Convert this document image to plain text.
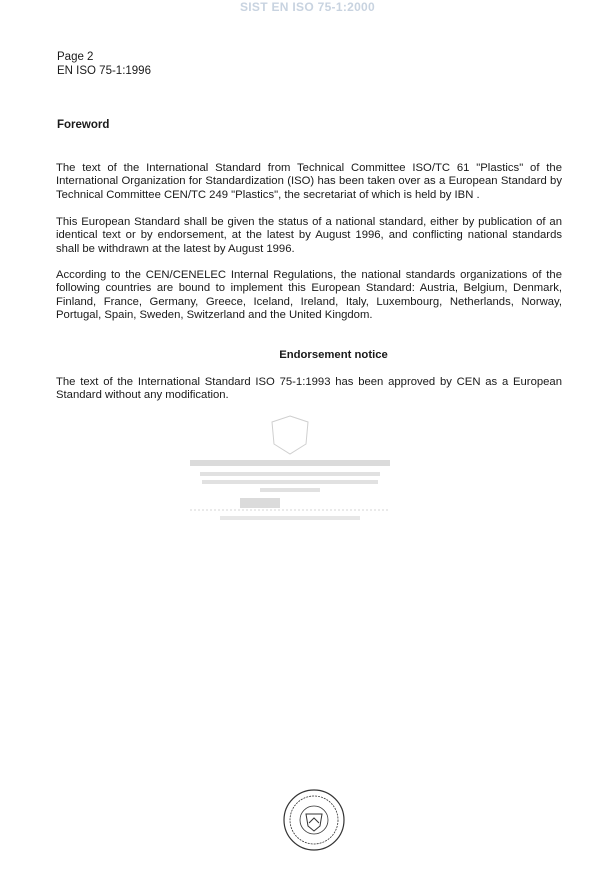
SIST EN ISO 75-1:2000
Page 2
EN ISO 75-1:1996
Foreword
The text of the International Standard from Technical Committee ISO/TC 61 "Plastics" of the International Organization for Standardization (ISO) has been taken over as a European Standard by Technical Committee CEN/TC 249 "Plastics", the secretariat of which is held by IBN .
This European Standard shall be given the status of a national standard, either by publication of an identical text or by endorsement, at the latest by August 1996, and conflicting national standards shall be withdrawn at the latest by August 1996.
According to the CEN/CENELEC Internal Regulations, the national standards organizations of the following countries are bound to implement this European Standard: Austria, Belgium, Denmark, Finland, France, Germany, Greece, Iceland, Ireland, Italy, Luxembourg, Netherlands, Norway, Portugal, Spain, Sweden, Switzerland and the United Kingdom.
Endorsement notice
The text of the International Standard ISO 75-1:1993 has been approved by CEN as a European Standard without any modification.
